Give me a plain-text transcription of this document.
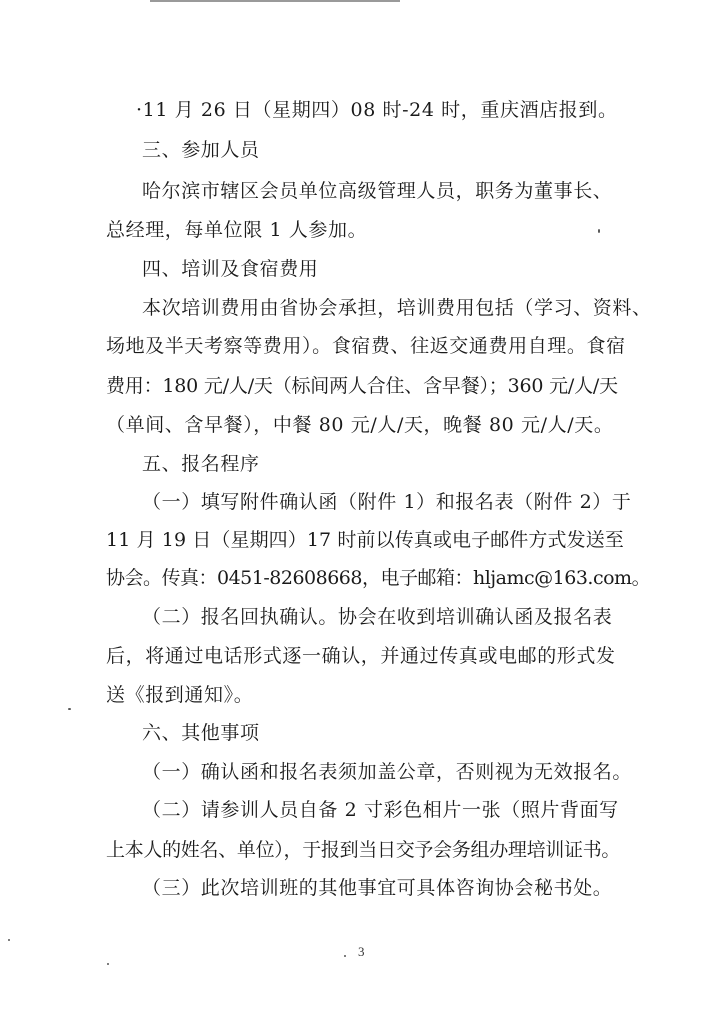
·11 月 26 日（星期四）08 时-24 时，重庆酒店报到。
三、参加人员
哈尔滨市辖区会员单位高级管理人员，职务为董事长、
总经理，每单位限 1 人参加。
四、培训及食宿费用
本次培训费用由省协会承担，培训费用包括（学习、资料、
场地及半天考察等费用）。食宿费、往返交通费用自理。食宿
费用：180 元/人/天（标间两人合住、含早餐）；360 元/人/天
（单间、含早餐），中餐 80 元/人/天，晚餐 80 元/人/天。
五、报名程序
（一）填写附件确认函（附件 1）和报名表（附件 2）于
11 月 19 日（星期四）17 时前以传真或电子邮件方式发送至
协会。传真：0451-82608668，电子邮箱：hljamc@163.com。
（二）报名回执确认。协会在收到培训确认函及报名表
后，将通过电话形式逐一确认，并通过传真或电邮的形式发
送《报到通知》。
六、其他事项
（一）确认函和报名表须加盖公章，否则视为无效报名。
（二）请参训人员自备 2 寸彩色相片一张（照片背面写
上本人的姓名、单位），于报到当日交予会务组办理培训证书。
（三）此次培训班的其他事宜可具体咨询协会秘书处。
3
